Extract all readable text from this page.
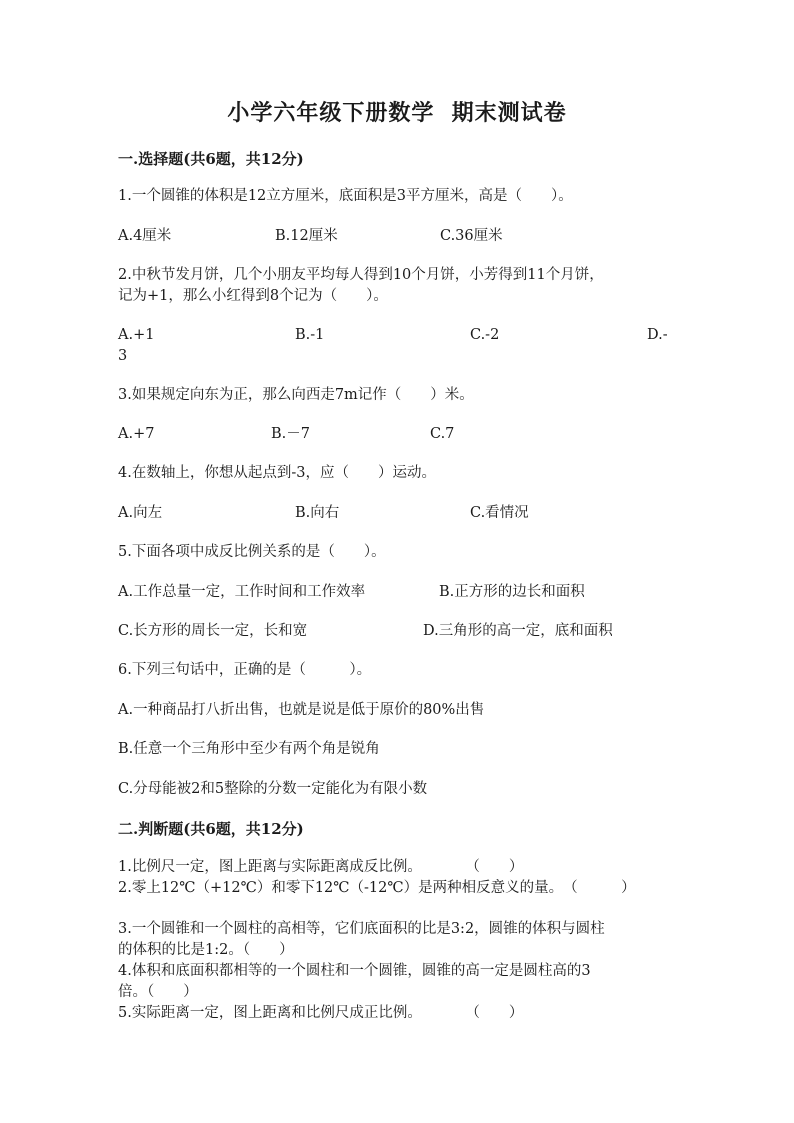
小学六年级下册数学  期末测试卷
一.选择题(共6题，共12分)
1.一个圆锥的体积是12立方厘米，底面积是3平方厘米，高是（　　）。
A.4厘米	B.12厘米	C.36厘米
2.中秋节发月饼，几个小朋友平均每人得到10个月饼，小芳得到11个月饼，
记为+1，那么小红得到8个记为（　　）。
A.+1	B.-1	C.-2	D.-
3
3.如果规定向东为正，那么向西走7m记作（　　）米。
A.+7	B.－7	C.7
4.在数轴上，你想从起点到-3，应（　　）运动。
A.向左	B.向右	C.看情况
5.下面各项中成反比例关系的是（　　）。
A.工作总量一定，工作时间和工作效率	B.正方形的边长和面积
C.长方形的周长一定，长和宽	D.三角形的高一定，底和面积
6.下列三句话中，正确的是（　　　）。
A.一种商品打八折出售，也就是说是低于原价的80%出售
B.任意一个三角形中至少有两个角是锐角
C.分母能被2和5整除的分数一定能化为有限小数
二.判断题(共6题，共12分)
1.比例尺一定，图上距离与实际距离成反比例。　　　　（　　）
2.零上12℃（+12℃）和零下12℃（-12℃）是两种相反意义的量。　（　　　）
3.一个圆锥和一个圆柱的高相等，它们底面积的比是3:2，圆锥的体积与圆柱
的体积的比是1:2。（　　）
4.体积和底面积都相等的一个圆柱和一个圆锥，圆锥的高一定是圆柱高的3
倍。（　　）
5.实际距离一定，图上距离和比例尺成正比例。　　　　（　　）
